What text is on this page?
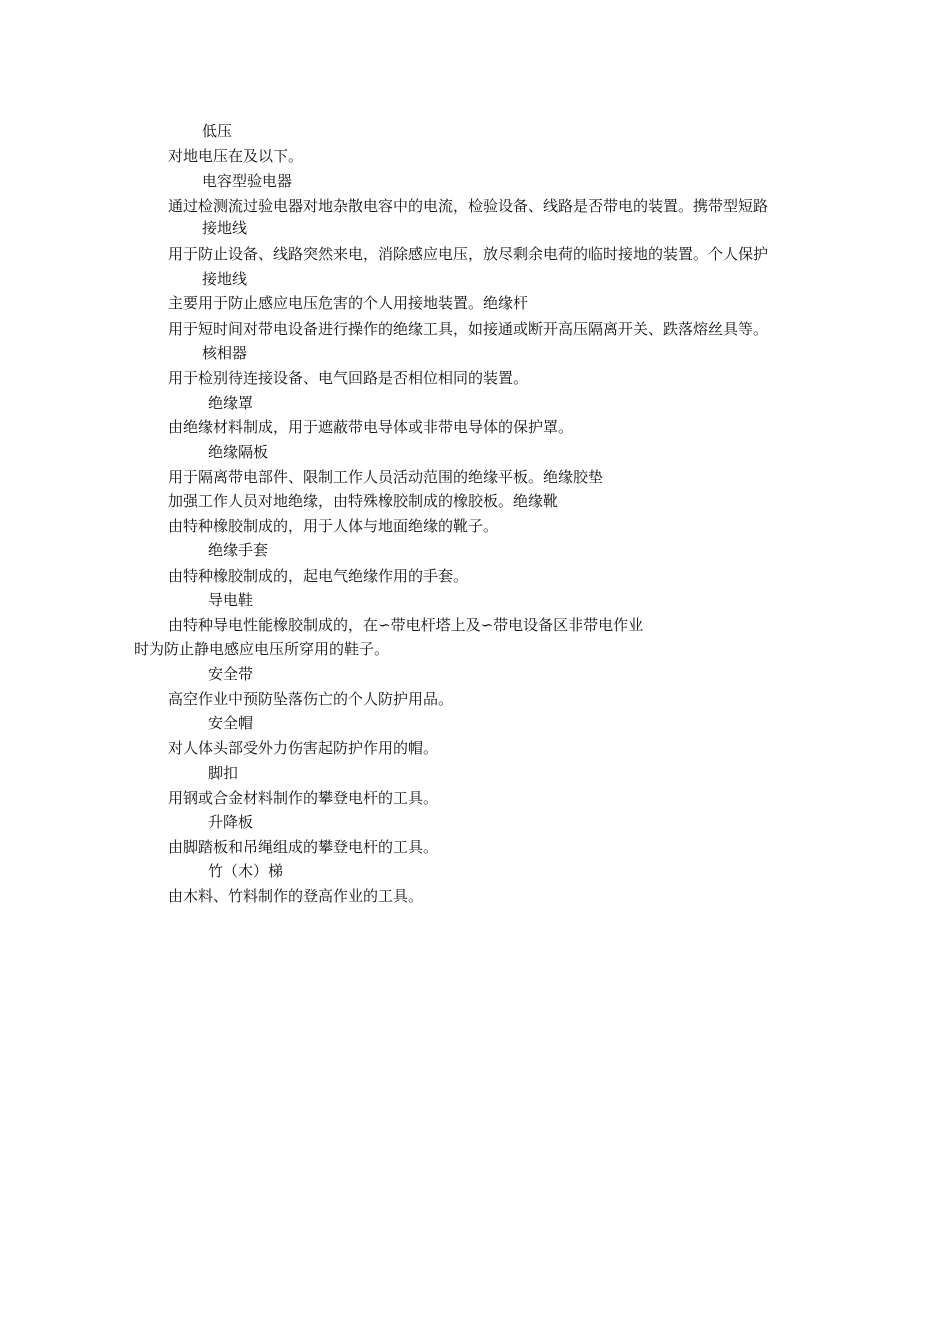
低压
对地电压在及以下。
电容型验电器
通过检测流过验电器对地杂散电容中的电流，检验设备、线路是否带电的装置。携带型短路
接地线
用于防止设备、线路突然来电，消除感应电压，放尽剩余电荷的临时接地的装置。个人保护
接地线
主要用于防止感应电压危害的个人用接地装置。绝缘杆
用于短时间对带电设备进行操作的绝缘工具，如接通或断开高压隔离开关、跌落熔丝具等。
核相器
用于检别待连接设备、电气回路是否相位相同的装置。
绝缘罩
由绝缘材料制成，用于遮蔽带电导体或非带电导体的保护罩。
绝缘隔板
用于隔离带电部件、限制工作人员活动范围的绝缘平板。绝缘胶垫
加强工作人员对地绝缘，由特殊橡胶制成的橡胶板。绝缘靴
由特种橡胶制成的，用于人体与地面绝缘的靴子。
绝缘手套
由特种橡胶制成的，起电气绝缘作用的手套。
导电鞋
由特种导电性能橡胶制成的，在∽带电杆塔上及∽带电设备区非带电作业
时为防止静电感应电压所穿用的鞋子。
安全带
高空作业中预防坠落伤亡的个人防护用品。
安全帽
对人体头部受外力伤害起防护作用的帽。
脚扣
用钢或合金材料制作的攀登电杆的工具。
升降板
由脚踏板和吊绳组成的攀登电杆的工具。
竹（木）梯
由木料、竹料制作的登高作业的工具。
